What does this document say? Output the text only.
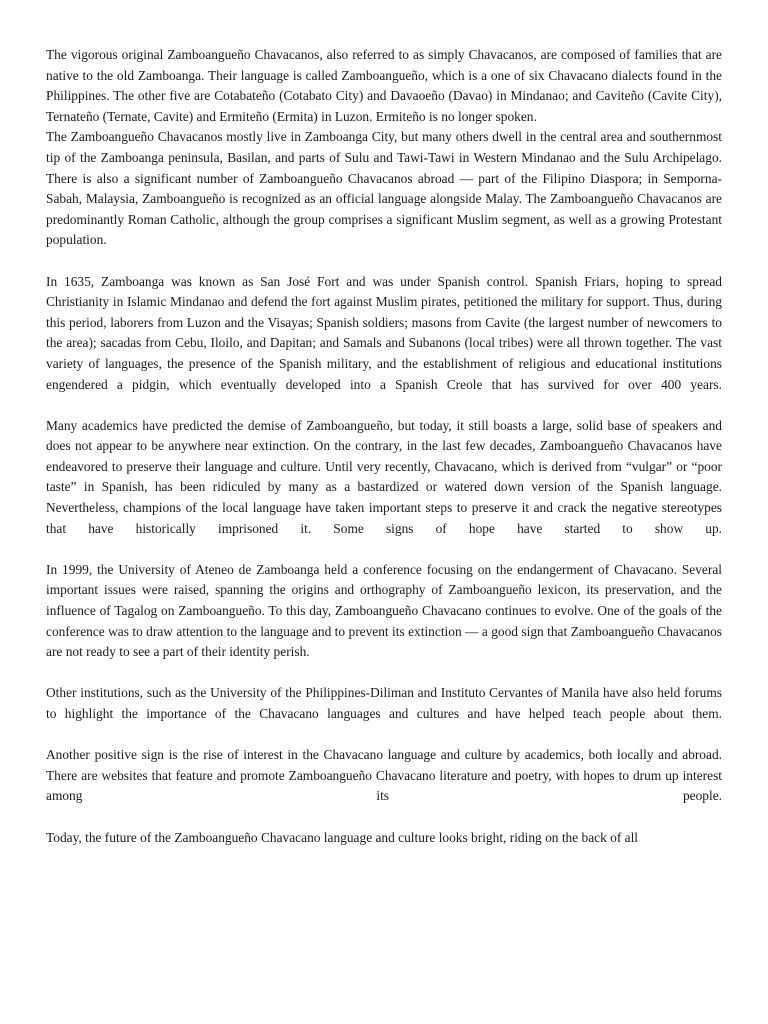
The vigorous original Zamboangueño Chavacanos, also referred to as simply Chavacanos, are composed of families that are native to the old Zamboanga. Their language is called Zamboangueño, which is a one of six Chavacano dialects found in the Philippines. The other five are Cotabateño (Cotabato City) and Davaoeño (Davao) in Mindanao; and Caviteño (Cavite City), Ternateño (Ternate, Cavite) and Ermiteño (Ermita) in Luzon. Ermiteño is no longer spoken.

The Zamboangueño Chavacanos mostly live in Zamboanga City, but many others dwell in the central area and southernmost tip of the Zamboanga peninsula, Basilan, and parts of Sulu and Tawi-Tawi in Western Mindanao and the Sulu Archipelago. There is also a significant number of Zamboangueño Chavacanos abroad — part of the Filipino Diaspora; in Semporna-Sabah, Malaysia, Zamboangueño is recognized as an official language alongside Malay. The Zamboangueño Chavacanos are predominantly Roman Catholic, although the group comprises a significant Muslim segment, as well as a growing Protestant population.

In 1635, Zamboanga was known as San José Fort and was under Spanish control. Spanish Friars, hoping to spread Christianity in Islamic Mindanao and defend the fort against Muslim pirates, petitioned the military for support. Thus, during this period, laborers from Luzon and the Visayas; Spanish soldiers; masons from Cavite (the largest number of newcomers to the area); sacadas from Cebu, Iloilo, and Dapitan; and Samals and Subanons (local tribes) were all thrown together. The vast variety of languages, the presence of the Spanish military, and the establishment of religious and educational institutions engendered a pidgin, which eventually developed into a Spanish Creole that has survived for over 400 years.

Many academics have predicted the demise of Zamboangueño, but today, it still boasts a large, solid base of speakers and does not appear to be anywhere near extinction. On the contrary, in the last few decades, Zamboangueño Chavacanos have endeavored to preserve their language and culture. Until very recently, Chavacano, which is derived from “vulgar” or “poor taste” in Spanish, has been ridiculed by many as a bastardized or watered down version of the Spanish language. Nevertheless, champions of the local language have taken important steps to preserve it and crack the negative stereotypes that have historically imprisoned it. Some signs of hope have started to show up.

In 1999, the University of Ateneo de Zamboanga held a conference focusing on the endangerment of Chavacano. Several important issues were raised, spanning the origins and orthography of Zamboangueño lexicon, its preservation, and the influence of Tagalog on Zamboangueño. To this day, Zamboangueño Chavacano continues to evolve. One of the goals of the conference was to draw attention to the language and to prevent its extinction — a good sign that Zamboangueño Chavacanos are not ready to see a part of their identity perish.

Other institutions, such as the University of the Philippines-Diliman and Instituto Cervantes of Manila have also held forums to highlight the importance of the Chavacano languages and cultures and have helped teach people about them.

Another positive sign is the rise of interest in the Chavacano language and culture by academics, both locally and abroad. There are websites that feature and promote Zamboangueño Chavacano literature and poetry, with hopes to drum up interest among its people.

Today, the future of the Zamboangueño Chavacano language and culture looks bright, riding on the back of all
